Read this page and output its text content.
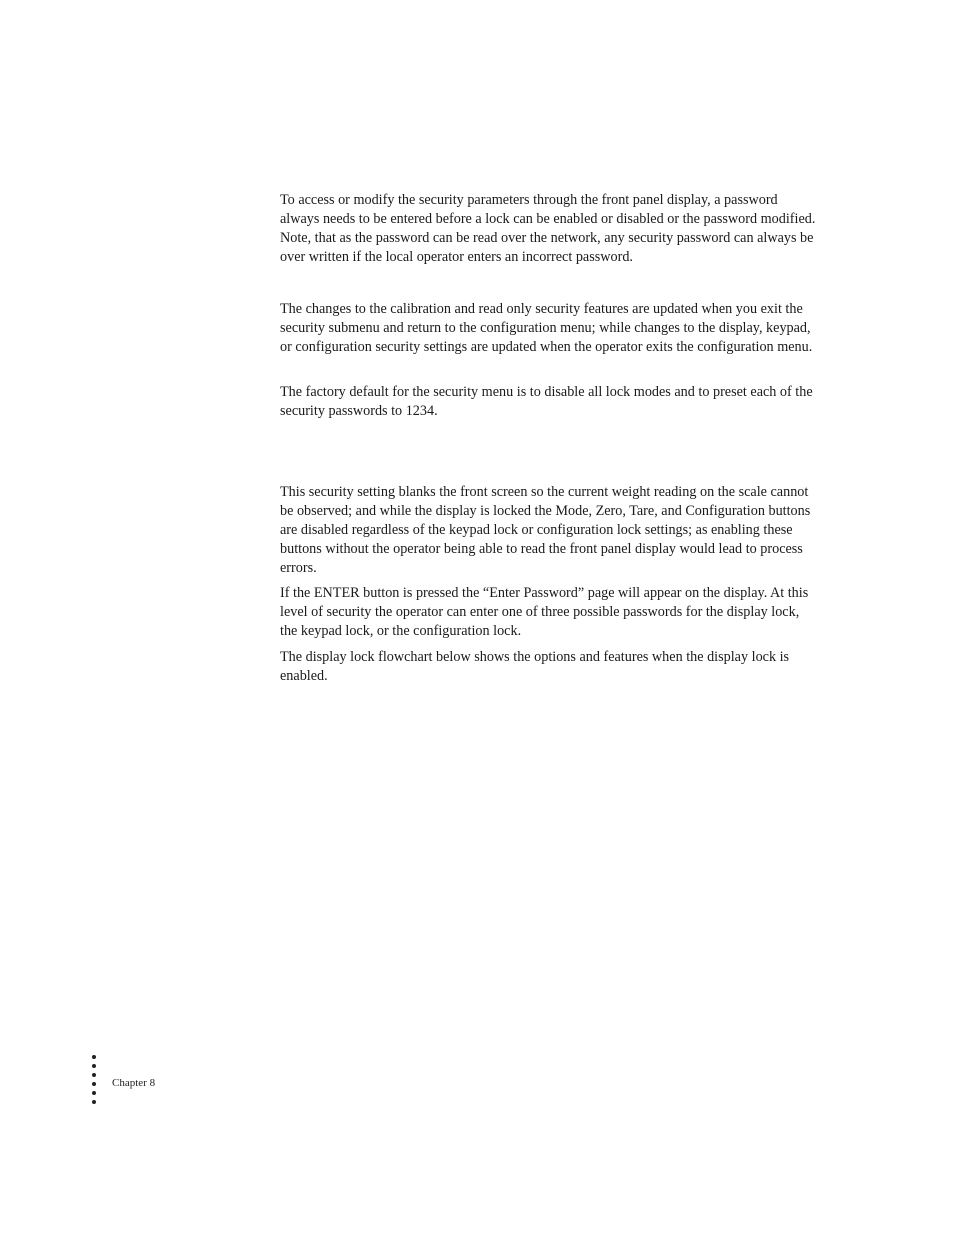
To access or modify the security parameters through the front panel display, a password always needs to be entered before a lock can be enabled or disabled or the password modified. Note, that as the password can be read over the network, any security password can always be over written if the local operator enters an incorrect password.

The changes to the calibration and read only security features are updated when you exit the security submenu and return to the configuration menu; while changes to the display, keypad, or configuration security settings are updated when the operator exits the configuration menu.

The factory default for the security menu is to disable all lock modes and to preset each of the security passwords to 1234.

This security setting blanks the front screen so the current weight reading on the scale cannot be observed; and while the display is locked the Mode, Zero, Tare, and Configuration buttons are disabled regardless of the keypad lock or configuration lock settings; as enabling these buttons without the operator being able to read the front panel display would lead to process errors.

If the ENTER button is pressed the “Enter Password” page will appear on the display. At this level of security the operator can enter one of three possible passwords for the display lock, the keypad lock, or the configuration lock.

The display lock flowchart below shows the options and features when the display lock is enabled.

Chapter 8
